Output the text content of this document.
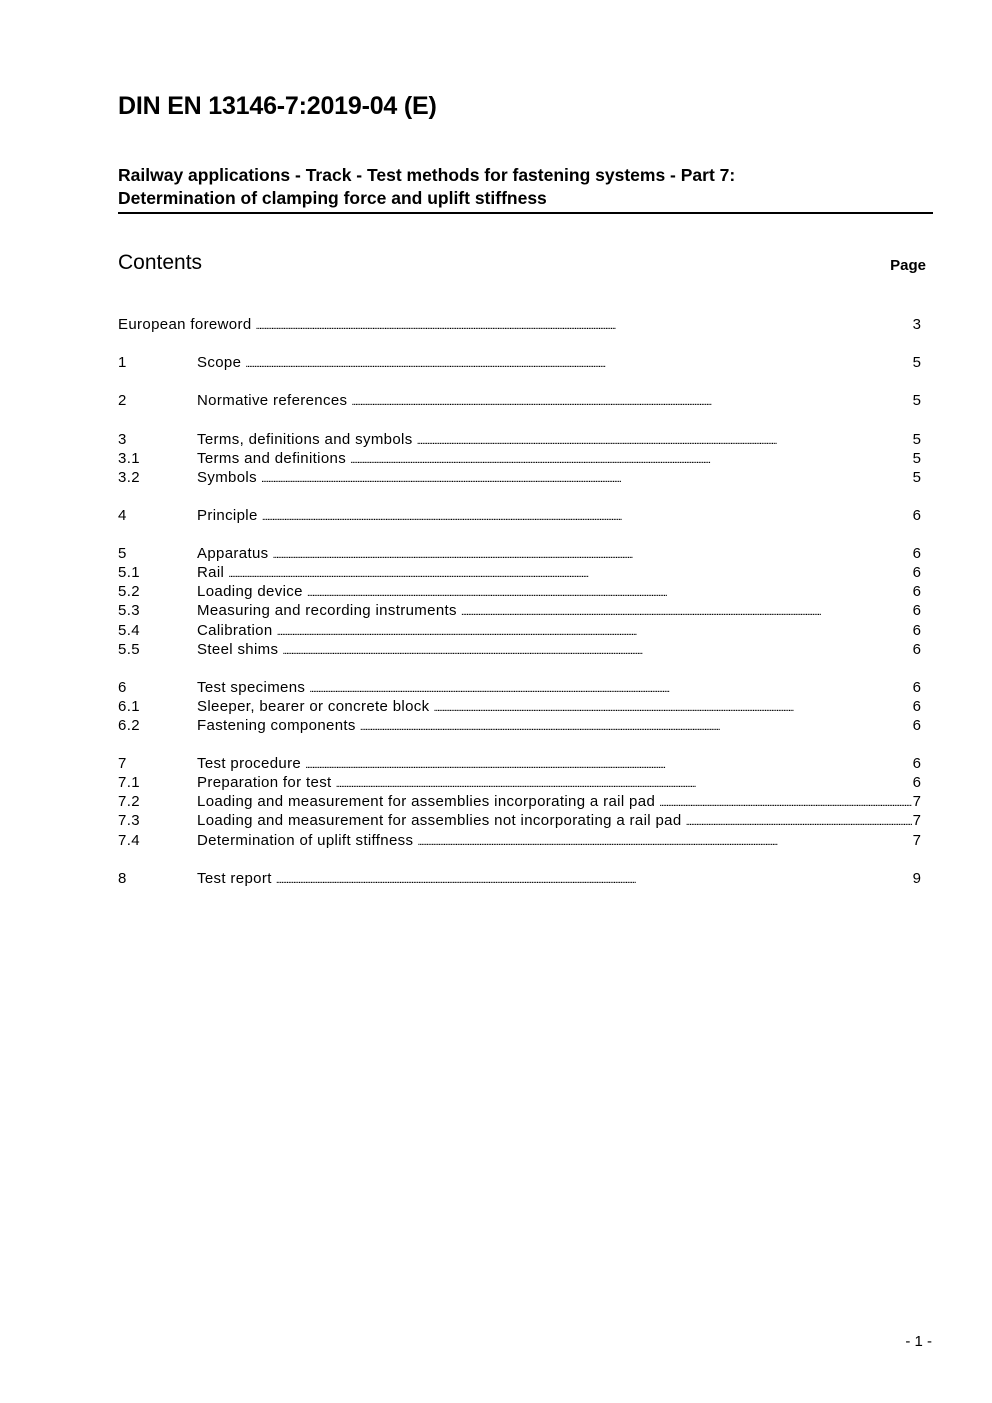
DIN EN 13146-7:2019-04 (E)
Railway applications - Track - Test methods for fastening systems - Part 7:
Determination of clamping force and uplift stiffness
Contents	Page
European foreword . . .	3
1	Scope . . .	5
2	Normative references . . .	5
3	Terms, definitions and symbols . . .	5
3.1	Terms and definitions . . .	5
3.2	Symbols . . .	5
4	Principle . . .	6
5	Apparatus . . .	6
5.1	Rail . . .	6
5.2	Loading device . . .	6
5.3	Measuring and recording instruments . . .	6
5.4	Calibration . . .	6
5.5	Steel shims . . .	6
6	Test specimens . . .	6
6.1	Sleeper, bearer or concrete block . . .	6
6.2	Fastening components . . .	6
7	Test procedure . . .	6
7.1	Preparation for test . . .	6
7.2	Loading and measurement for assemblies incorporating a rail pad . . .	7
7.3	Loading and measurement for assemblies not incorporating a rail pad . . .	7
7.4	Determination of uplift stiffness . . .	7
8	Test report . . .	9
- 1 -
